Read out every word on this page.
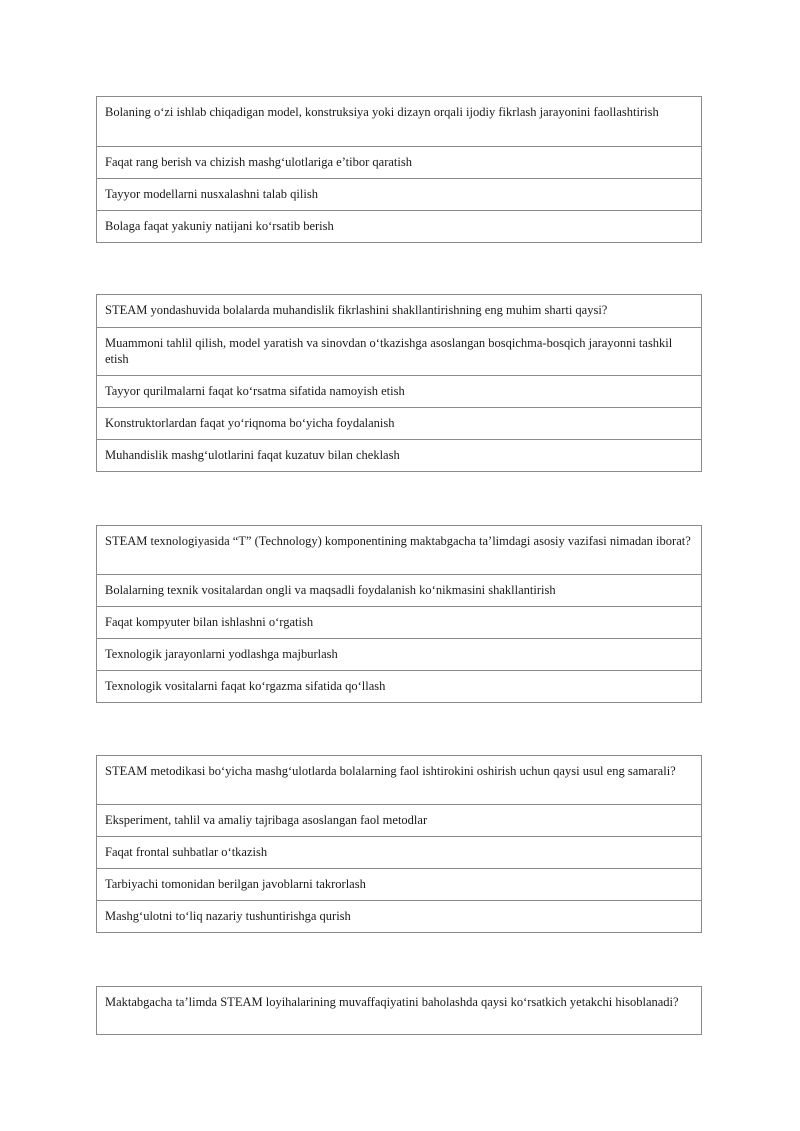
Bolaning o‘zi ishlab chiqadigan model, konstruksiya yoki dizayn orqali ijodiy fikrlash jarayonini faollashtirish
Faqat rang berish va chizish mashg‘ulotlariga e’tibor qaratish
Tayyor modellarni nusxalashni talab qilish
Bolaga faqat yakuniy natijani ko‘rsatib berish
STEAM yondashuvida bolalarda muhandislik fikrlashini shakllantirishning eng muhim sharti qaysi?
Muammoni tahlil qilish, model yaratish va sinovdan o‘tkazishga asoslangan bosqichma-bosqich jarayonni tashkil etish
Tayyor qurilmalarni faqat ko‘rsatma sifatida namoyish etish
Konstruktorlardan faqat yo‘riqnoma bo‘yicha foydalanish
Muhandislik mashg‘ulotlarini faqat kuzatuv bilan cheklash
STEAM texnologiyasida “T” (Technology) komponentining maktabgacha ta’limdagi asosiy vazifasi nimadan iborat?
Bolalarning texnik vositalardan ongli va maqsadli foydalanish ko‘nikmasini shakllantirish
Faqat kompyuter bilan ishlashni o‘rgatish
Texnologik jarayonlarni yodlashga majburlash
Texnologik vositalarni faqat ko‘rgazma sifatida qo‘llash
STEAM metodikasi bo‘yicha mashg‘ulotlarda bolalarning faol ishtirokini oshirish uchun qaysi usul eng samarali?
Eksperiment, tahlil va amaliy tajribaga asoslangan faol metodlar
Faqat frontal suhbatlar o‘tkazish
Tarbiyachi tomonidan berilgan javoblarni takrorlash
Mashg‘ulotni to‘liq nazariy tushuntirishga qurish
Maktabgacha ta’limda STEAM loyihalarining muvaffaqiyatini baholashda qaysi ko‘rsatkich yetakchi hisoblanadi?
